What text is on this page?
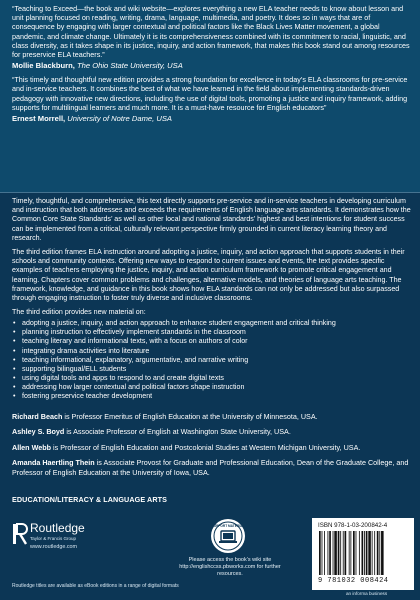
“Teaching to Exceed—the book and wiki website—explores everything a new ELA teacher needs to know about lesson and unit planning focused on reading, writing, drama, language, multimedia, and poetry. It does so in ways that are of consequence by engaging with larger contextual and political factors like the Black Lives Matter movement, a global pandemic, and climate change. Ultimately it is its comprehensiveness combined with its commitment to racial, linguistic, and class diversity, as it takes shape in its justice, inquiry, and action framework, that makes this book stand out among resources for preservice ELA teachers.”

Mollie Blackburn, The Ohio State University, USA

“This timely and thoughtful new edition provides a strong foundation for excellence in today’s ELA classrooms for pre-service and in-service teachers. It combines the best of what we have learned in the field about implementing standards-driven pedagogy with innovative new directions, including the use of digital tools, promoting a justice and inquiry framework, adding supports for multilingual learners and much more. It is a must-have resource for English educators”

Ernest Morrell, University of Notre Dame, USA

Timely, thoughtful, and comprehensive, this text directly supports pre-service and in-service teachers in developing curriculum and instruction that both addresses and exceeds the requirements of English language arts standards. It demonstrates how the Common Core State Standards’ as well as other local and national standards’ highest and best intentions for student success can be implemented from a critical, culturally relevant perspective firmly grounded in current literacy learning theory and research.

The third edition frames ELA instruction around adopting a justice, inquiry, and action approach that supports students in their schools and community contexts. Offering new ways to respond to current issues and events, the text provides specific examples of teachers employing the justice, inquiry, and action curriculum framework to promote critical engagement and learning. Chapters cover common problems and challenges, alternative models, and theories of language arts teaching. The framework, knowledge, and guidance in this book shows how ELA standards can not only be addressed but also surpassed through engaging instruction to foster truly diverse and inclusive classrooms.

The third edition provides new material on:

• adopting a justice, inquiry, and action approach to enhance student engagement and critical thinking
• planning instruction to effectively implement standards in the classroom
• teaching literary and informational texts, with a focus on authors of color
• integrating drama activities into literature
• teaching informational, explanatory, argumentative, and narrative writing
• supporting bilingual/ELL students
• using digital tools and apps to respond to and create digital texts
• addressing how larger contextual and political factors shape instruction
• fostering preservice teacher development

Richard Beach is Professor Emeritus of English Education at the University of Minnesota, USA.

Ashley S. Boyd is Associate Professor of English at Washington State University, USA.

Allen Webb is Professor of English Education and Postcolonial Studies at Western Michigan University, USA.

Amanda Haertling Thein is Associate Provost for Graduate and Professional Education, Dean of the Graduate College, and Professor of English Education at the University of Iowa, USA.

EDUCATION/LITERACY & LANGUAGE ARTS
Routledge
Taylor & Francis Group
www.routledge.com
Routledge titles are available as eBook editions in a range of digital formats
SUPPORT MATERIAL
Please access the book’s wiki site http://englishccss.pbworks.com for further resources.
ISBN 978-1-03-200842-4
9 781032 008424
an informa business
